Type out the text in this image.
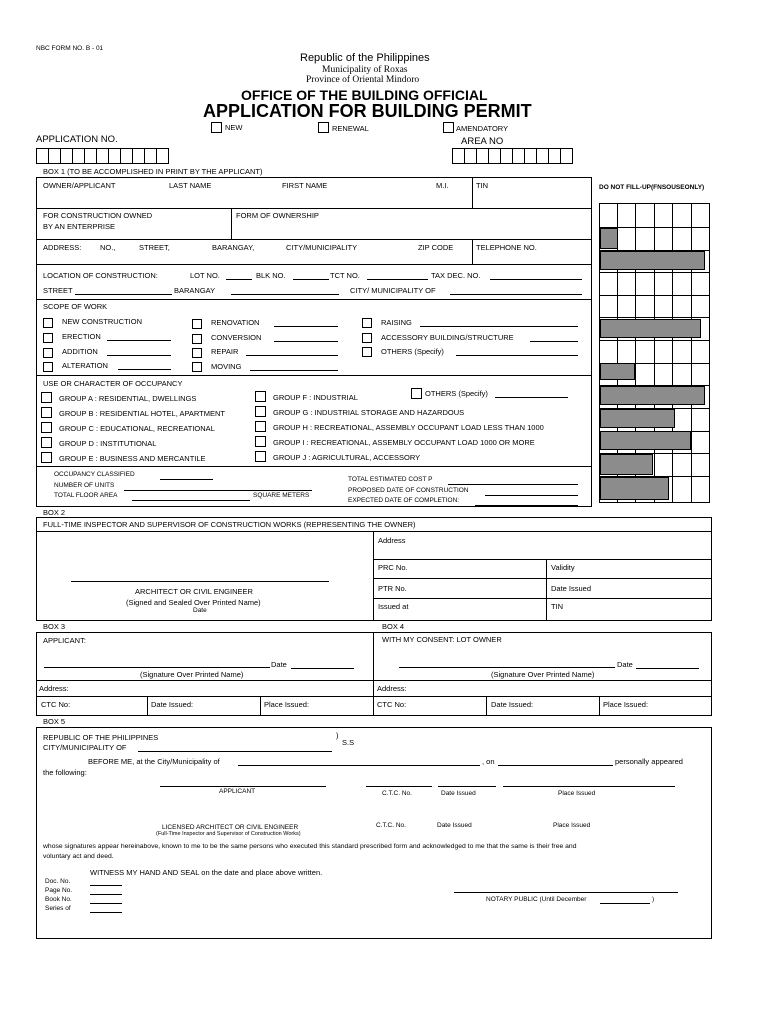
NBC FORM NO. B - 01
Republic of the Philippines
Municipality of Roxas
Province of Oriental Mindoro
OFFICE OF THE BUILDING OFFICIAL
APPLICATION FOR BUILDING PERMIT
NEW	RENEWAL	AMENDATORY
APPLICATION NO.	AREA NO
BOX 1 (TO BE ACCOMPLISHED IN PRINT BY THE APPLICANT)
OWNER/APPLICANT	LAST NAME	FIRST NAME	M.I.	TIN
FOR CONSTRUCTION OWNED
BY AN ENTERPRISE
FORM OF OWNERSHIP
ADDRESS: NO.,	STREET,	BARANGAY,	CITY/MUNICIPALITY	ZIP CODE	TELEPHONE NO.
LOCATION OF CONSTRUCTION:	LOT NO.	BLK NO.	TCT NO.	TAX DEC. NO.
STREET	BARANGAY	CITY/ MUNICIPALITY OF
SCOPE OF WORK
NEW CONSTRUCTION
ERECTION
ADDITION
ALTERATION
RENOVATION
CONVERSION
REPAIR
MOVING
RAISING
ACCESSORY BUILDING/STRUCTURE
OTHERS (Specify)
USE OR CHARACTER OF OCCUPANCY
GROUP A : RESIDENTIAL, DWELLINGS
GROUP B : RESIDENTIAL HOTEL, APARTMENT
GROUP C : EDUCATIONAL, RECREATIONAL
GROUP D : INSTITUTIONAL
GROUP E : BUSINESS AND MERCANTILE
GROUP F : INDUSTRIAL
GROUP G : INDUSTRIAL STORAGE AND HAZARDOUS
GROUP H : RECREATIONAL, ASSEMBLY OCCUPANT LOAD LESS THAN 1000
GROUP I : RECREATIONAL, ASSEMBLY OCCUPANT LOAD 1000 OR MORE
GROUP J : AGRICULTURAL, ACCESSORY
OTHERS (Specify)
OCCUPANCY CLASSIFIED
NUMBER OF UNITS
TOTAL FLOOR AREA	SQUARE METERS
TOTAL ESTIMATED COST P
PROPOSED DATE OF CONSTRUCTION
EXPECTED DATE OF COMPLETION:
DO NOT FILL-UP(FNSOUSEONLY)
BOX 2
FULL-TIME INSPECTOR AND SUPERVISOR OF CONSTRUCTION WORKS (REPRESENTING THE OWNER)
ARCHITECT OR CIVIL ENGINEER
(Signed and Sealed Over Printed Name)
Date
Address
PRC No.	Validity
PTR No.	Date Issued
Issued at	TIN
BOX 3	BOX 4
APPLICANT:
Date
(Signature Over Printed Name)
Address:
CTC No:	Date Issued:	Place Issued:
WITH MY CONSENT: LOT OWNER
Date
(Signature Over Printed Name)
Address:
CTC No:	Date Issued:	Place Issued:
BOX 5
REPUBLIC OF THE PHILIPPINES	)
S.S
CITY/MUNICIPALITY OF
BEFORE ME, at the City/Municipality of	, on	personally appeared
the following:
APPLICANT	C.T.C. No.	Date Issued	Place Issued
LICENSED ARCHITECT OR CIVIL ENGINEER
(Full-Time Inspector and Supervisor of Construction Works)
C.T.C. No.	Date Issued	Place Issued
whose signatures appear hereinabove, known to me to be the same persons who executed this standard prescribed form and acknowledged to me that the same is their free and
voluntary act and deed.
WITNESS MY HAND AND SEAL on the date and place above written.
Doc. No.
Page No.
Book No.
Series of
NOTARY PUBLIC (Until December	)
